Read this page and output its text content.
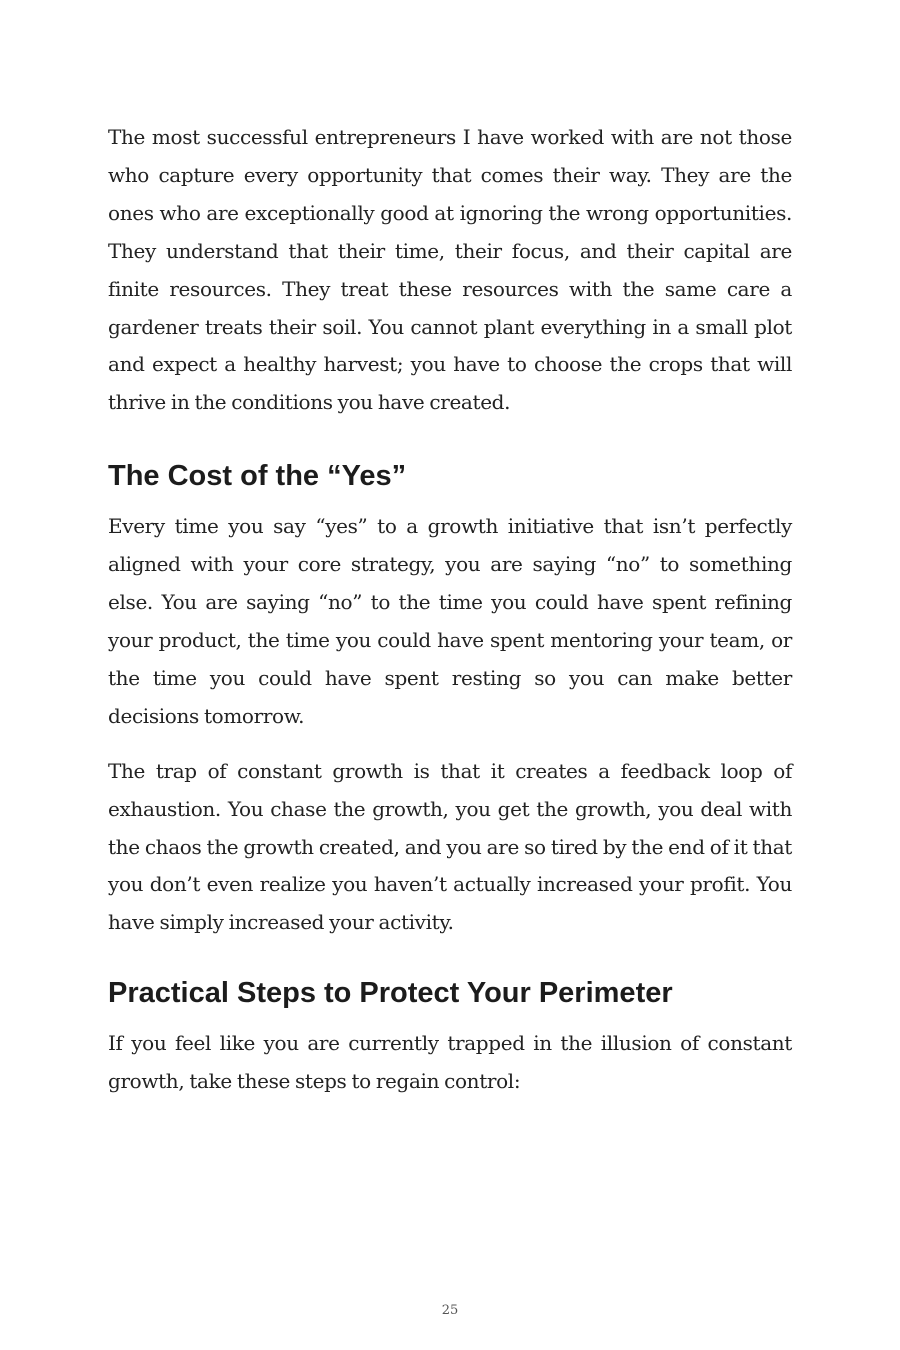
The most successful entrepreneurs I have worked with are not those who capture every opportunity that comes their way. They are the ones who are exceptionally good at ignoring the wrong opportunities. They understand that their time, their focus, and their capital are finite resources. They treat these resources with the same care a gardener treats their soil. You cannot plant everything in a small plot and expect a healthy harvest; you have to choose the crops that will thrive in the conditions you have created.

The Cost of the “Yes”

Every time you say “yes” to a growth initiative that isn’t perfectly aligned with your core strategy, you are saying “no” to something else. You are saying “no” to the time you could have spent refining your product, the time you could have spent mentoring your team, or the time you could have spent resting so you can make better decisions tomorrow.

The trap of constant growth is that it creates a feedback loop of exhaustion. You chase the growth, you get the growth, you deal with the chaos the growth created, and you are so tired by the end of it that you don’t even realize you haven’t actually increased your profit. You have simply increased your activity.

Practical Steps to Protect Your Perimeter

If you feel like you are currently trapped in the illusion of constant growth, take these steps to regain control:

25
